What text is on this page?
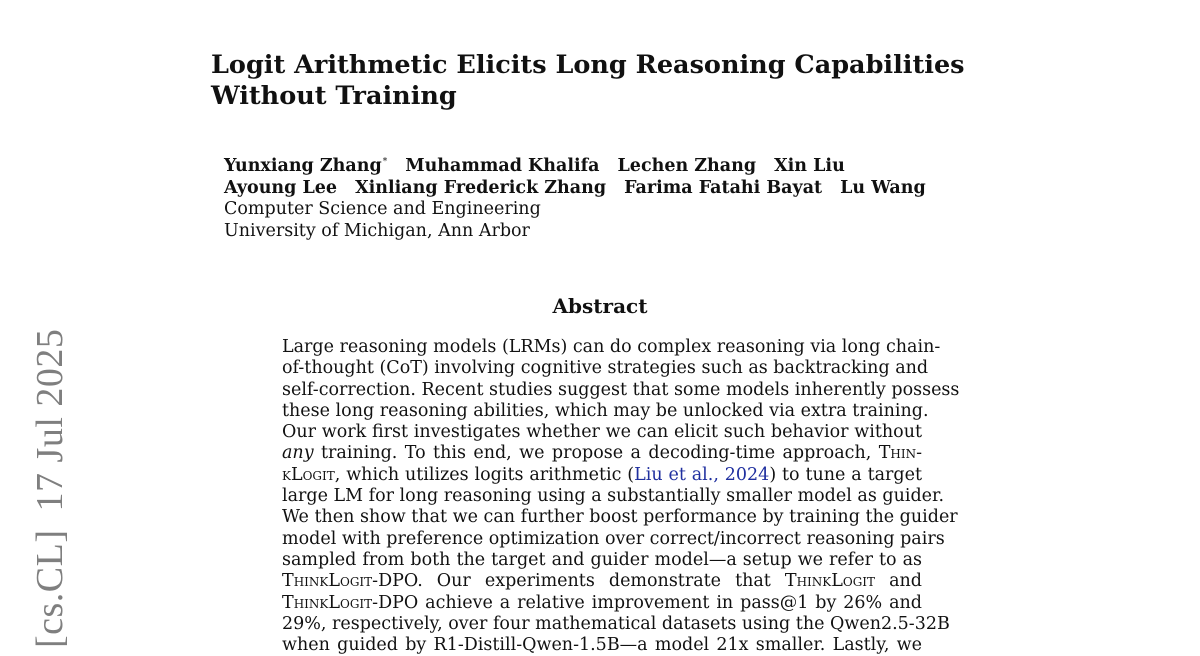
[cs.CL]17 Jul 2025
Logit Arithmetic Elicits Long Reasoning Capabilities
Without Training
Yunxiang Zhang* Muhammad Khalifa Lechen Zhang Xin Liu
Ayoung Lee Xinliang Frederick Zhang Farima Fatahi Bayat Lu Wang
Computer Science and Engineering
University of Michigan, Ann Arbor
Abstract
Large reasoning models (LRMs) can do complex reasoning via long chain-
of-thought (CoT) involving cognitive strategies such as backtracking and
self-correction. Recent studies suggest that some models inherently possess
these long reasoning abilities, which may be unlocked via extra training.
Our work first investigates whether we can elicit such behavior without
any training. To this end, we propose a decoding-time approach, Thin-
kLogit, which utilizes logits arithmetic (Liu et al., 2024) to tune a target
large LM for long reasoning using a substantially smaller model as guider.
We then show that we can further boost performance by training the guider
model with preference optimization over correct/incorrect reasoning pairs
sampled from both the target and guider model—a setup we refer to as
ThinkLogit-DPO. Our experiments demonstrate that ThinkLogit and
ThinkLogit-DPO achieve a relative improvement in pass@1 by 26% and
29%, respectively, over four mathematical datasets using the Qwen2.5-32B
when guided by R1-Distill-Qwen-1.5B—a model 21x smaller. Lastly, we
